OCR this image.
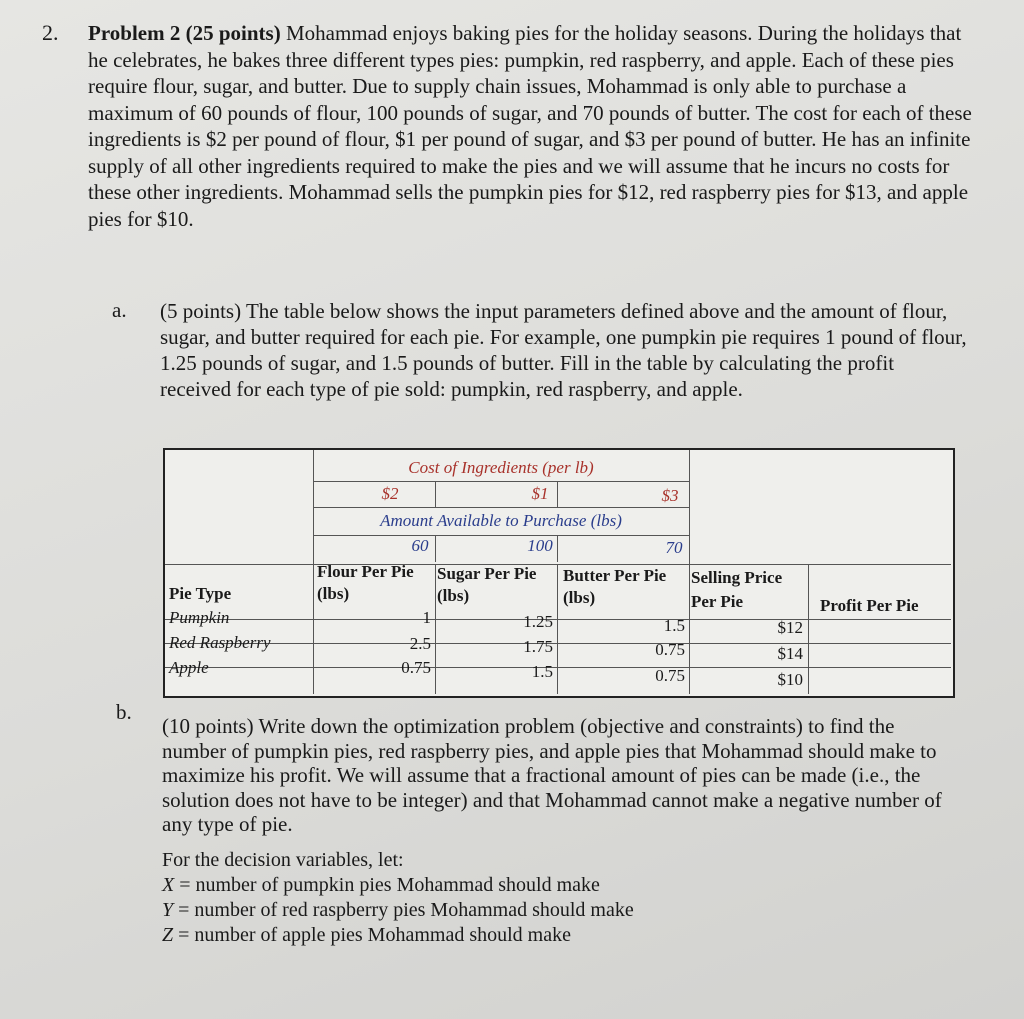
2. Problem 2 (25 points) Mohammad enjoys baking pies for the holiday seasons. During the holidays that he celebrates, he bakes three different types pies: pumpkin, red raspberry, and apple. Each of these pies require flour, sugar, and butter. Due to supply chain issues, Mohammad is only able to purchase a maximum of 60 pounds of flour, 100 pounds of sugar, and 70 pounds of butter. The cost for each of these ingredients is $2 per pound of flour, $1 per pound of sugar, and $3 per pound of butter. He has an infinite supply of all other ingredients required to make the pies and we will assume that he incurs no costs for these other ingredients. Mohammad sells the pumpkin pies for $12, red raspberry pies for $13, and apple pies for $10.
a. (5 points) The table below shows the input parameters defined above and the amount of flour, sugar, and butter required for each pie. For example, one pumpkin pie requires 1 pound of flour, 1.25 pounds of sugar, and 1.5 pounds of butter. Fill in the table by calculating the profit received for each type of pie sold: pumpkin, red raspberry, and apple.
Cost of Ingredients (per lb)
$2	$1	$3
Amount Available to Purchase (lbs)
60	100	70
Pie Type
Flour Per Pie
(lbs)
Sugar Per Pie
(lbs)
Butter Per Pie
(lbs)
Selling Price
Per Pie	Profit Per Pie
Pumpkin	1	1.25	1.5	$12
Red Raspberry	2.5	1.75	0.75	$14
Apple	0.75	1.5	0.75	$10
b.
(10 points) Write down the optimization problem (objective and constraints) to find the number of pumpkin pies, red raspberry pies, and apple pies that Mohammad should make to maximize his profit. We will assume that a fractional amount of pies can be made (i.e., the solution does not have to be integer) and that Mohammad cannot make a negative number of any type of pie.
For the decision variables, let:
X = number of pumpkin pies Mohammad should make
Y = number of red raspberry pies Mohammad should make
Z = number of apple pies Mohammad should make
